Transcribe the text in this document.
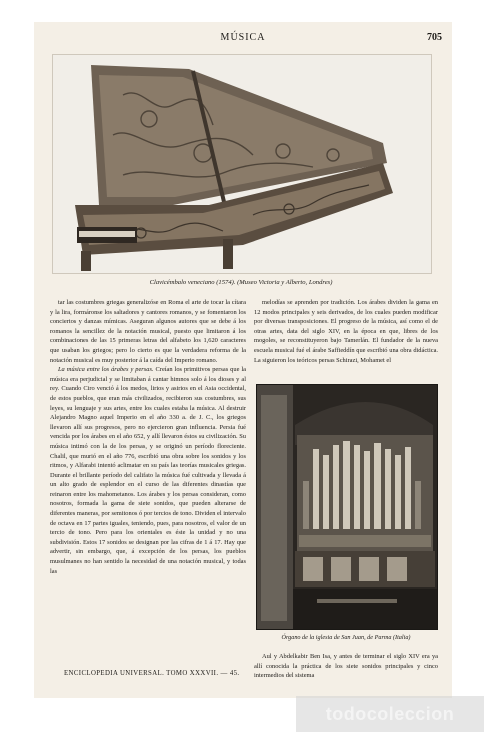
MÚSICA	705
Clavicémbalo veneciano (1574). (Museo Victoria y Alberto, Londres)

tar las costumbres griegas generalizóse en Roma el arte de tocar la cítara y la lira, formáronse los saltadores y cantores romanos, y se fomentaron los conciertos y danzas mímicas. Aseguran algunos autores que se debe á los romanos la sencillez de la notación musical, puesto que limitaron á los combinaciones de las 15 primeras letras del alfabeto los 1,620 caracteres que usaban los griegos; pero lo cierto es que la verdadera reforma de la notación musical es muy posterior á la caída del Imperio romano.

La música entre los árabes y persas. Creían los primitivos persas que la música era perjudicial y se limitaban á cantar himnos solo á los dioses y al rey. Cuando Ciro venció á los medos, lirios y asirios en el Asia occidental, de estos pueblos, que eran más civilizados, recibieron sus costumbres, sus leyes, su lenguaje y sus artes, entre los cuales estaba la música. Al destruir Alejandro Magno aquel Imperio en el año 330 a. de J. C., los griegos llevaron allí sus progresos, pero no ejercieron gran influencia. Persia fué vencida por los árabes en el año 652, y allí llevaron éstos su civilización. Su música intimó con la de los persas, y se originó un período floreciente. Chalil, que murió en el año 776, escribió una obra sobre los sonidos y los ritmos, y Alfarabi intentó aclimatar en su país las teorías musicales griegas. Durante el brillante período del califato la música fué cultivada y llevada á un alto grado de esplendor en el curso de las diferentes dinastías que reinaron entre los mahometanos. Los árabes y los persas consideran, como nosotros, formada la gama de siete sonidos, que pueden alterarse de diferentes maneras, por semitonos ó por tercios de tono. Dividen el intervalo de octava en 17 partes iguales, teniendo, pues, para nosotros, el valor de un tercio de tono. Pero para los orientales es éste la unidad y no una subdivisión. Estos 17 sonidos se designan por las cifras de 1 á 17. Hay que advertir, sin embargo, que, á excepción de los persas, los pueblos musulmanes no han sentido la necesidad de una notación musical, y todas las

melodías se aprenden por tradición. Los árabes dividen la gama en 12 modos principales y seis derivados, de los cuales pueden modificar por diversas transposiciones. El progreso de la música, así como el de otras artes, data del siglo XIV, en la época en que, libres de los mogoles, se reconstituyeron bajo Tamerlán. El fundador de la nueva escuela musical fué el árabe Saffieddín que escribió una obra didáctica. La siguieron los teóricos persas Schirazi, Mohamet el

Órgano de la iglesia de San Juan, de Parma (Italia)

Aul y Abdelkabir Ben Isa, y antes de terminar el siglo XIV era ya allí conocida la práctica de los siete sonidos principales y cinco intermedios del sistema

ENCICLOPEDIA UNIVERSAL. TOMO XXXVII. — 45.
todocoleccion
